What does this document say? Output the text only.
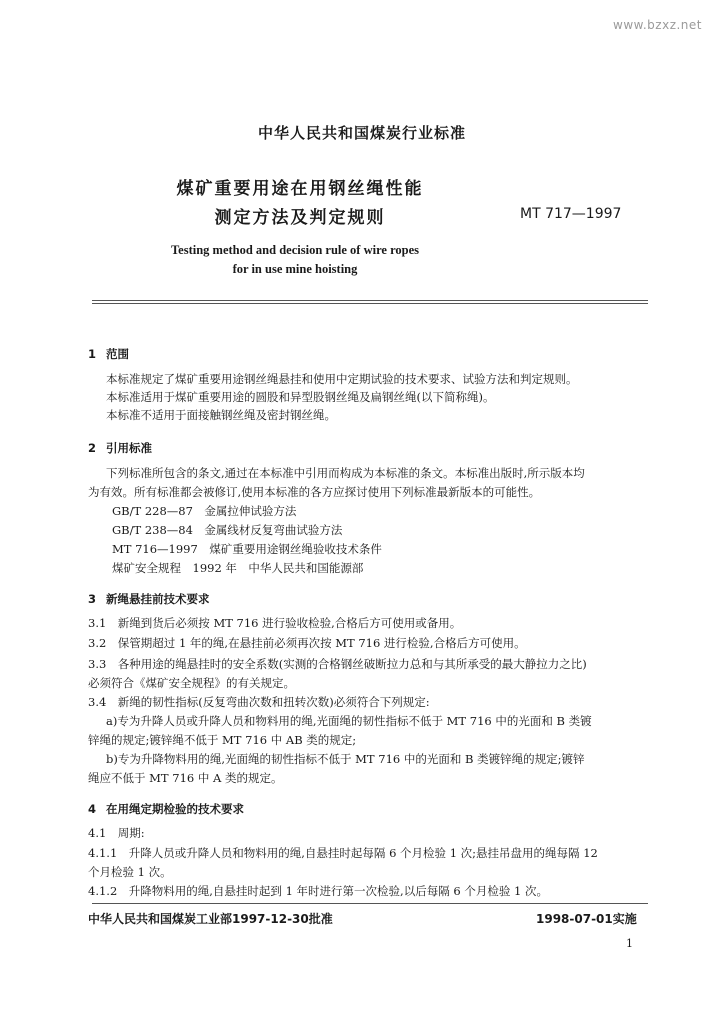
www.bzxz.net
中华人民共和国煤炭行业标准
煤矿重要用途在用钢丝绳性能
测定方法及判定规则	MT 717—1997
Testing method and decision rule of wire ropes
for in use mine hoisting
1 范围
本标准规定了煤矿重要用途钢丝绳悬挂和使用中定期试验的技术要求、试验方法和判定规则。
本标准适用于煤矿重要用途的圆股和异型股钢丝绳及扁钢丝绳(以下简称绳)。
本标准不适用于面接触钢丝绳及密封钢丝绳。
2 引用标准
下列标准所包含的条文,通过在本标准中引用而构成为本标准的条文。本标准出版时,所示版本均
为有效。所有标准都会被修订,使用本标准的各方应探讨使用下列标准最新版本的可能性。
GB/T 228—87　金属拉伸试验方法
GB/T 238—84　金属线材反复弯曲试验方法
MT 716—1997　煤矿重要用途钢丝绳验收技术条件
煤矿安全规程　1992 年　中华人民共和国能源部
3 新绳悬挂前技术要求
3.1　新绳到货后必须按 MT 716 进行验收检验,合格后方可使用或备用。
3.2　保管期超过 1 年的绳,在悬挂前必须再次按 MT 716 进行检验,合格后方可使用。
3.3　各种用途的绳悬挂时的安全系数(实测的合格钢丝破断拉力总和与其所承受的最大静拉力之比)
必须符合《煤矿安全规程》的有关规定。
3.4　新绳的韧性指标(反复弯曲次数和扭转次数)必须符合下列规定:
a)专为升降人员或升降人员和物料用的绳,光面绳的韧性指标不低于 MT 716 中的光面和 B 类镀
锌绳的规定;镀锌绳不低于 MT 716 中 AB 类的规定;
b)专为升降物料用的绳,光面绳的韧性指标不低于 MT 716 中的光面和 B 类镀锌绳的规定;镀锌
绳应不低于 MT 716 中 A 类的规定。
4 在用绳定期检验的技术要求
4.1　周期:
4.1.1　升降人员或升降人员和物料用的绳,自悬挂时起每隔 6 个月检验 1 次;悬挂吊盘用的绳每隔 12
个月检验 1 次。
4.1.2　升降物料用的绳,自悬挂时起到 1 年时进行第一次检验,以后每隔 6 个月检验 1 次。
中华人民共和国煤炭工业部1997-12-30批准	1998-07-01实施
1
